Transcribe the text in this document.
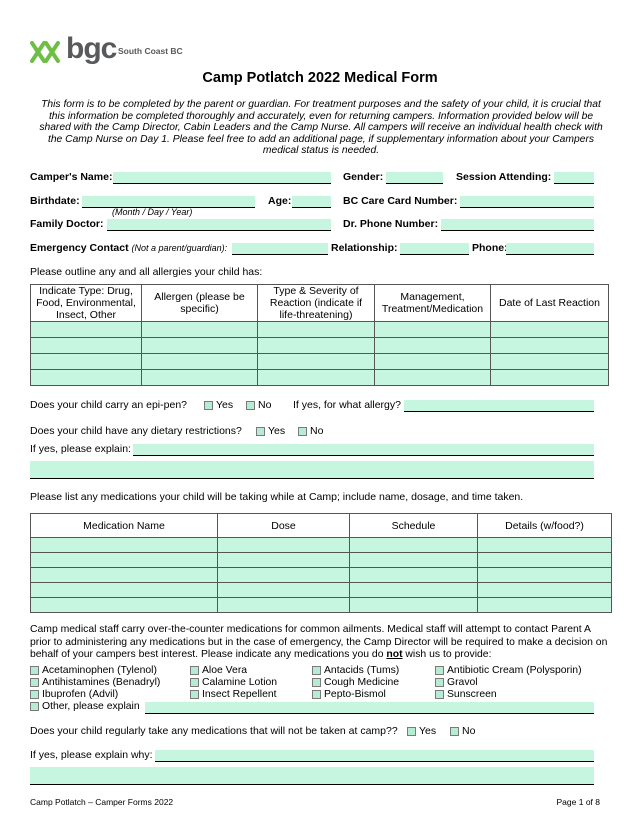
bgc South Coast BC
Camp Potlatch 2022 Medical Form
This form is to be completed by the parent or guardian. For treatment purposes and the safety of your child, it is crucial that this information be completed thoroughly and accurately, even for returning campers. Information provided below will be shared with the Camp Director, Cabin Leaders and the Camp Nurse. All campers will receive an individual health check with the Camp Nurse on Day 1. Please feel free to add an additional page, if supplementary information about your Campers medical status is needed.
Camper's Name:	Gender:	Session Attending:
Birthdate:
(Month / Day / Year)
Age:	BC Care Card Number:
Family Doctor:	Dr. Phone Number:
Emergency Contact (Not a parent/guardian):	Relationship:	Phone
Please outline any and all allergies your child has:
Indicate Type: Drug, Food, Environmental, Insect, Other	Allergen (please be specific)	Type & Severity of Reaction (indicate if life-threatening)	Management, Treatment/Medication	Date of Last Reaction

Does your child carry an epi-pen?	Yes	No If yes, for what allergy?
Does your child have any dietary restrictions?	Yes	No
If yes, please explain:
Please list any medications your child will be taking while at Camp; include name, dosage, and time taken.
Medication Name	Dose	Schedule	Details (w/food?)

Camp medical staff carry over-the-counter medications for common ailments. Medical staff will attempt to contact Parent A prior to administering any medications but in the case of emergency, the Camp Director will be required to make a decision on behalf of your campers best interest. Please indicate any medications you do not wish us to provide:
Acetaminophen (Tylenol)	Aloe Vera	Antacids (Tums)	Antibiotic Cream (Polysporin)
Antihistamines (Benadryl)	Calamine Lotion	Cough Medicine	Gravol
Ibuprofen (Advil)	Insect Repellent	Pepto-Bismol	Sunscreen
Other, please explain
Does your child regularly take any medications that will not be taken at camp??	Yes	No
If yes, please explain why:
Camp Potlatch – Camper Forms 2022	Page 1 of 8
